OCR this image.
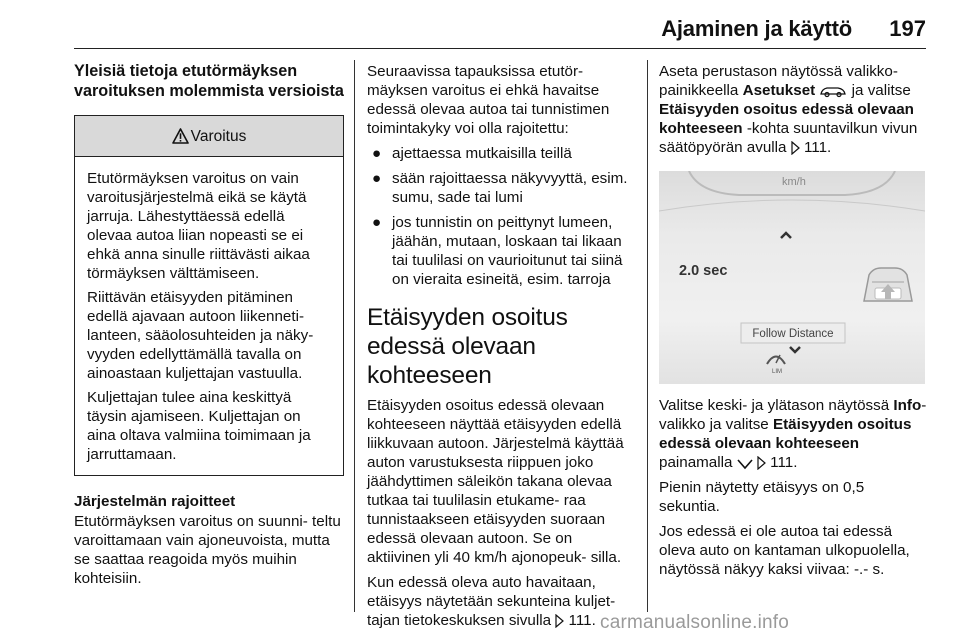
Ajaminen ja käyttö 197
Yleisiä tietoja etutörmäyksen varoituksen molemmista versioista
Varoitus

Etutörmäyksen varoitus on vain varoitusjärjestelmä eikä se käytä jarruja. Lähestyttäessä edellä olevaa autoa liian nopeasti se ei ehkä anna sinulle riittävästi aikaa törmäyksen välttämiseen.

Riittävän etäisyyden pitäminen edellä ajavaan autoon liikenneti- lanteen, sääolosuhteiden ja näky- vyyden edellyttämällä tavalla on ainoastaan kuljettajan vastuulla.

Kuljettajan tulee aina keskittyä täysin ajamiseen. Kuljettajan on aina oltava valmiina toimimaan ja jarruttamaan.

Järjestelmän rajoitteet

Etutörmäyksen varoitus on suunni- teltu varoittamaan vain ajoneuvoista, mutta se saattaa reagoida myös muihin kohteisiin.

Seuraavissa tapauksissa etutör- mäyksen varoitus ei ehkä havaitse edessä olevaa autoa tai tunnistimen toimintakyky voi olla rajoitettu:

● ajettaessa mutkaisilla teillä
● sään rajoittaessa näkyvyyttä, esim. sumu, sade tai lumi
● jos tunnistin on peittynyt lumeen, jäähän, mutaan, loskaan tai likaan tai tuulilasi on vaurioitunut tai siinä on vieraita esineitä, esim. tarroja
Etäisyyden osoitus edessä olevaan kohteeseen

Etäisyyden osoitus edessä olevaan kohteeseen näyttää etäisyyden edellä liikkuvaan autoon. Järjestelmä käyttää auton varustuksesta riippuen joko jäähdyttimen säleikön takana olevaa tutkaa tai tuulilasin etukame- raa tunnistaakseen etäisyyden suoraan edessä olevaan autoon. Se on aktiivinen yli 40 km/h ajonopeuk- silla.

Kun edessä oleva auto havaitaan, etäisyys näytetään sekunteina kuljet- tajan tietokeskuksen sivulla 111.

Aseta perustason näytössä valikko- painikkeella Asetukset ja valitse Etäisyyden osoitus edessä olevaan kohteeseen -kohta suuntavilkun vivun säätöpyörän avulla 111.

km/h
2.0 sec
Follow Distance
LIM

Valitse keski- ja ylätason näytössä Info-valikko ja valitse Etäisyyden osoitus edessä olevaan kohteeseen painamalla 111.

Pienin näytetty etäisyys on 0,5 sekuntia.

Jos edessä ei ole autoa tai edessä oleva auto on kantaman ulkopuolella, näytössä näkyy kaksi viivaa: -.- s.

carmanualsonline.info
